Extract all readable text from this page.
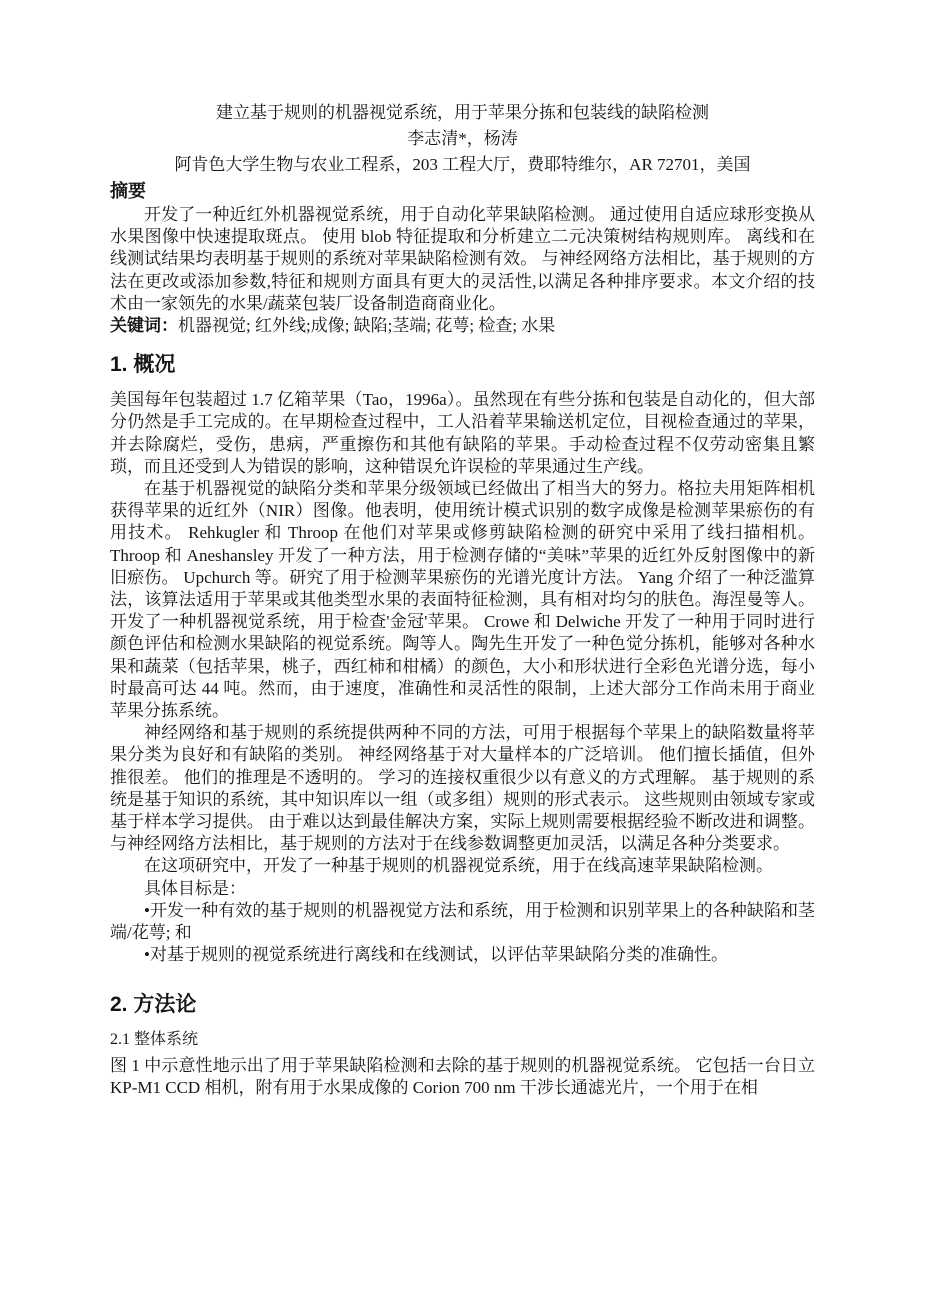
建立基于规则的机器视觉系统，用于苹果分拣和包装线的缺陷检测
李志清*，杨涛
阿肯色大学生物与农业工程系，203 工程大厅，费耶特维尔，AR 72701，美国
摘要

开发了一种近红外机器视觉系统，用于自动化苹果缺陷检测。 通过使用自适应球形变换从水果图像中快速提取斑点。 使用 blob 特征提取和分析建立二元决策树结构规则库。 离线和在线测试结果均表明基于规则的系统对苹果缺陷检测有效。 与神经网络方法相比，基于规则的方法在更改或添加参数,特征和规则方面具有更大的灵活性,以满足各种排序要求。本文介绍的技术由一家领先的水果/蔬菜包装厂设备制造商商业化。

关键词：机器视觉; 红外线;成像; 缺陷;茎端; 花萼; 检查; 水果

1. 概况

美国每年包装超过 1.7 亿箱苹果（Tao，1996a）。虽然现在有些分拣和包装是自动化的，但大部分仍然是手工完成的。在早期检查过程中，工人沿着苹果输送机定位，目视检查通过的苹果，并去除腐烂，受伤，患病，严重擦伤和其他有缺陷的苹果。手动检查过程不仅劳动密集且繁琐，而且还受到人为错误的影响，这种错误允许误检的苹果通过生产线。

在基于机器视觉的缺陷分类和苹果分级领域已经做出了相当大的努力。格拉夫用矩阵相机获得苹果的近红外（NIR）图像。他表明，使用统计模式识别的数字成像是检测苹果瘀伤的有用技术。 Rehkugler 和 Throop 在他们对苹果或修剪缺陷检测的研究中采用了线扫描相机。 Throop 和 Aneshansley 开发了一种方法，用于检测存储的“美味”苹果的近红外反射图像中的新旧瘀伤。 Upchurch 等。研究了用于检测苹果瘀伤的光谱光度计方法。 Yang 介绍了一种泛滥算法，该算法适用于苹果或其他类型水果的表面特征检测，具有相对均匀的肤色。海涅曼等人。开发了一种机器视觉系统，用于检查'金冠'苹果。 Crowe 和 Delwiche 开发了一种用于同时进行颜色评估和检测水果缺陷的视觉系统。陶等人。陶先生开发了一种色觉分拣机，能够对各种水果和蔬菜（包括苹果，桃子，西红柿和柑橘）的颜色，大小和形状进行全彩色光谱分选，每小时最高可达 44 吨。然而，由于速度，准确性和灵活性的限制，上述大部分工作尚未用于商业苹果分拣系统。

神经网络和基于规则的系统提供两种不同的方法，可用于根据每个苹果上的缺陷数量将苹果分类为良好和有缺陷的类别。 神经网络基于对大量样本的广泛培训。 他们擅长插值，但外推很差。 他们的推理是不透明的。 学习的连接权重很少以有意义的方式理解。 基于规则的系统是基于知识的系统，其中知识库以一组（或多组）规则的形式表示。 这些规则由领域专家或基于样本学习提供。 由于难以达到最佳解决方案，实际上规则需要根据经验不断改进和调整。 与神经网络方法相比，基于规则的方法对于在线参数调整更加灵活，以满足各种分类要求。

在这项研究中，开发了一种基于规则的机器视觉系统，用于在线高速苹果缺陷检测。

具体目标是：

•开发一种有效的基于规则的机器视觉方法和系统，用于检测和识别苹果上的各种缺陷和茎端/花萼; 和

•对基于规则的视觉系统进行离线和在线测试，以评估苹果缺陷分类的准确性。

2. 方法论
2.1 整体系统

图 1 中示意性地示出了用于苹果缺陷检测和去除的基于规则的机器视觉系统。 它包括一台日立 KP-M1 CCD 相机，附有用于水果成像的 Corion 700 nm 干涉长通滤光片，一个用于在相
